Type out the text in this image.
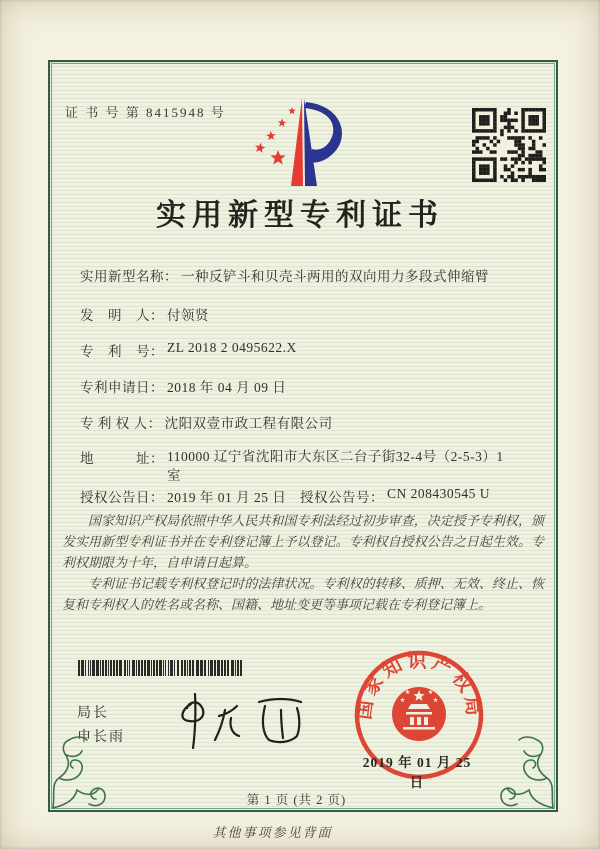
证 书 号 第 8415948 号
实用新型专利证书
实用新型名称： 一种反铲斗和贝壳斗两用的双向用力多段式伸缩臂
发　明　人： 付领贤
专　利　号： ZL 2018 2 0495622.X
专利申请日： 2018 年 04 月 09 日
专 利 权 人： 沈阳双壹市政工程有限公司
地　　　址： 110000 辽宁省沈阳市大东区二台子街32-4号（2-5-3）1室
授权公告日： 2019 年 01 月 25 日 授权公告号： CN 208430545 U

国家知识产权局依照中华人民共和国专利法经过初步审查，决定授予专利权，颁发实用新型专利证书并在专利登记簿上予以登记。专利权自授权公告之日起生效。专利权期限为十年，自申请日起算。

专利证书记载专利权登记时的法律状况。专利权的转移、质押、无效、终止、恢复和专利权人的姓名或名称、国籍、地址变更等事项记载在专利登记簿上。

局长
申长雨
国家知识产权局
2019 年 01 月 25 日
第 1 页 (共 2 页)
其他事项参见背面
